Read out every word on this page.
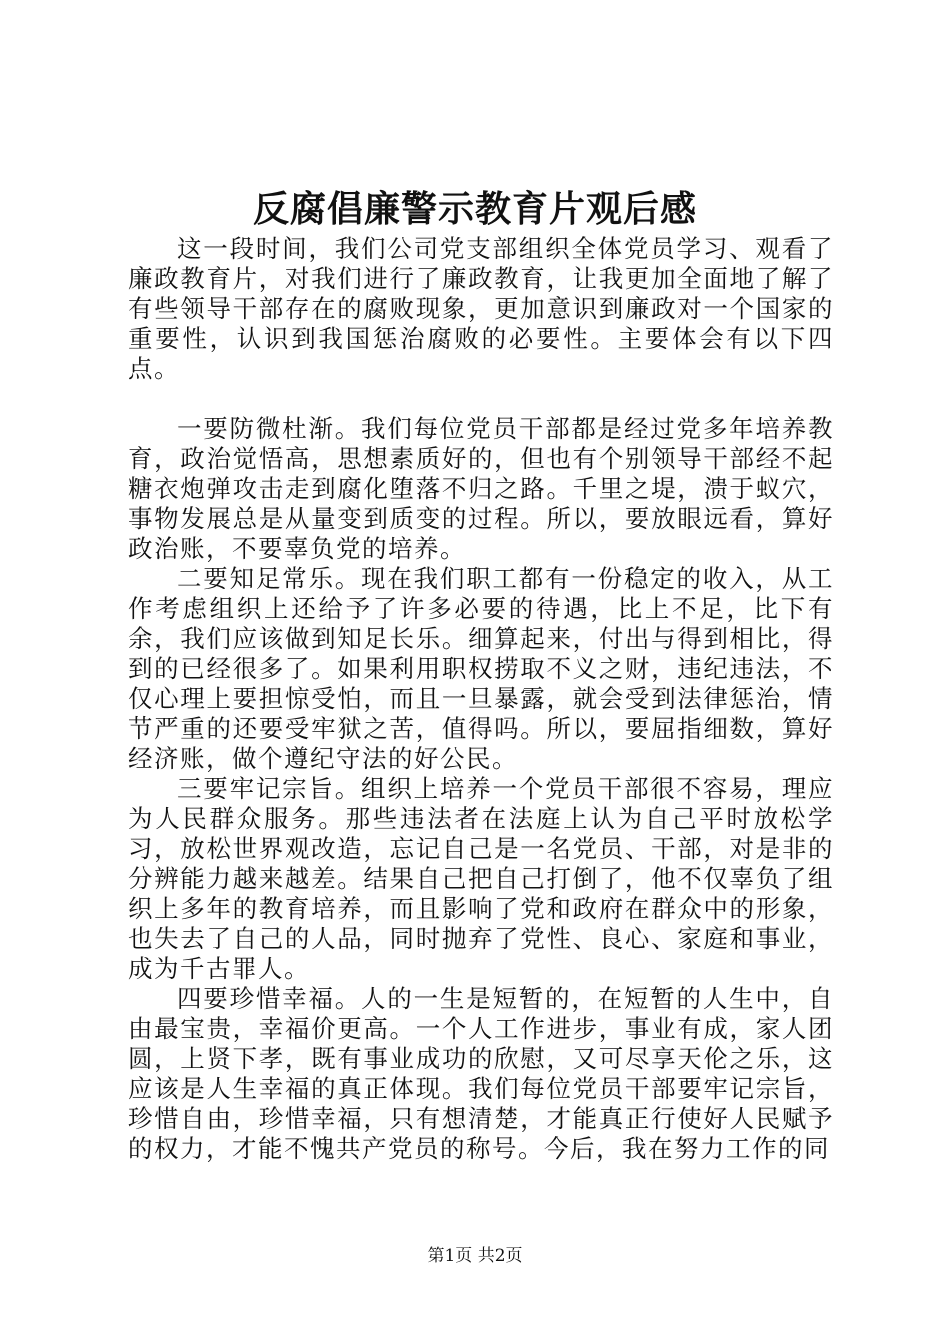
反腐倡廉警示教育片观后感

这一段时间，我们公司党支部组织全体党员学习、观看了廉政教育片，对我们进行了廉政教育，让我更加全面地了解了有些领导干部存在的腐败现象，更加意识到廉政对一个国家的重要性，认识到我国惩治腐败的必要性。主要体会有以下四点。

一要防微杜渐。我们每位党员干部都是经过党多年培养教育，政治觉悟高，思想素质好的，但也有个别领导干部经不起糖衣炮弹攻击走到腐化堕落不归之路。千里之堤，溃于蚁穴，事物发展总是从量变到质变的过程。所以，要放眼远看，算好政治账，不要辜负党的培养。

二要知足常乐。现在我们职工都有一份稳定的收入，从工作考虑组织上还给予了许多必要的待遇，比上不足，比下有余，我们应该做到知足长乐。细算起来，付出与得到相比，得到的已经很多了。如果利用职权捞取不义之财，违纪违法，不仅心理上要担惊受怕，而且一旦暴露，就会受到法律惩治，情节严重的还要受牢狱之苦，值得吗。所以，要屈指细数，算好经济账，做个遵纪守法的好公民。

三要牢记宗旨。组织上培养一个党员干部很不容易，理应为人民群众服务。那些违法者在法庭上认为自己平时放松学习，放松世界观改造，忘记自己是一名党员、干部，对是非的分辨能力越来越差。结果自己把自己打倒了，他不仅辜负了组织上多年的教育培养，而且影响了党和政府在群众中的形象，也失去了自己的人品，同时抛弃了党性、良心、家庭和事业，成为千古罪人。

四要珍惜幸福。人的一生是短暂的，在短暂的人生中，自由最宝贵，幸福价更高。一个人工作进步，事业有成，家人团圆，上贤下孝，既有事业成功的欣慰，又可尽享天伦之乐，这应该是人生幸福的真正体现。我们每位党员干部要牢记宗旨，珍惜自由，珍惜幸福，只有想清楚，才能真正行使好人民赋予的权力，才能不愧共产党员的称号。今后，我在努力工作的同

第1页 共2页
